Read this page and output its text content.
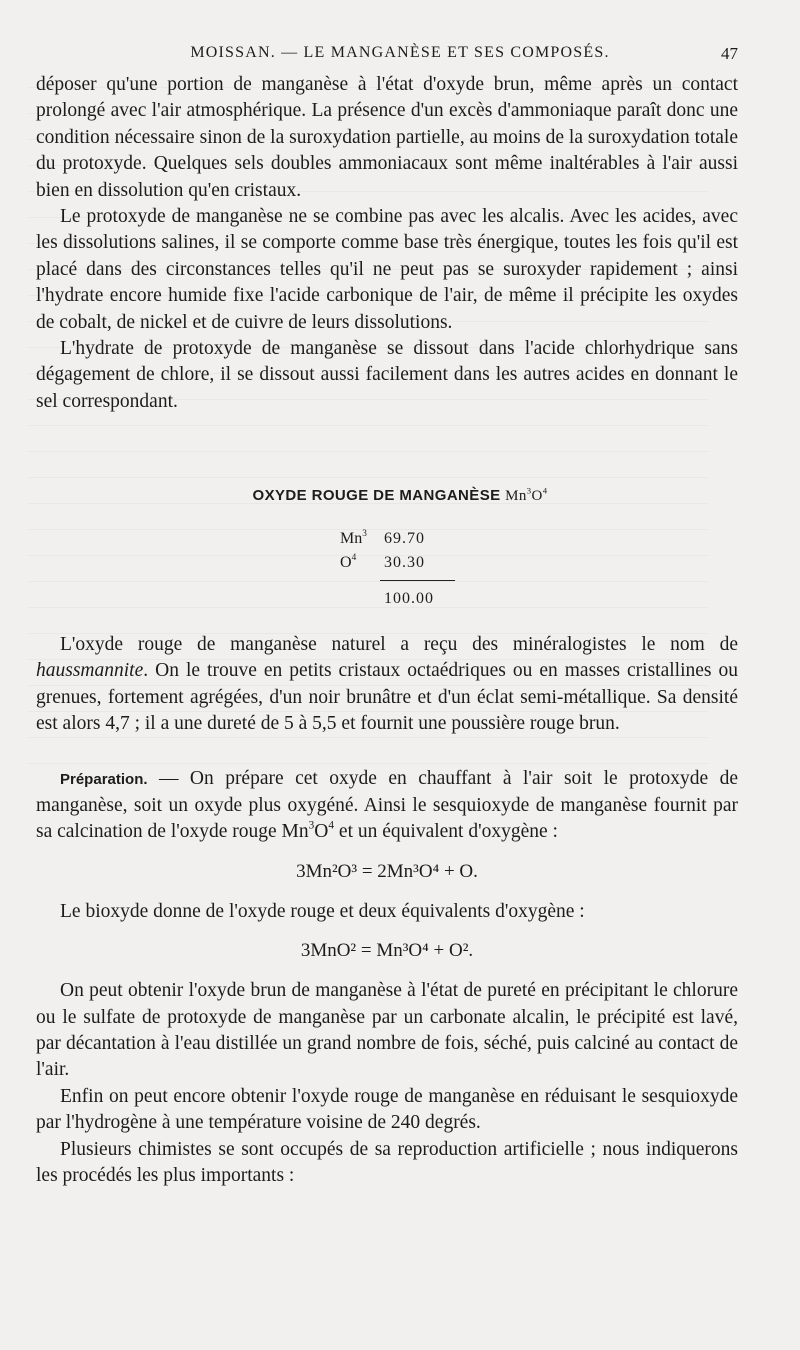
MOISSAN. — LE MANGANÈSE ET SES COMPOSÉS.	47

déposer qu'une portion de manganèse à l'état d'oxyde brun, même après un contact prolongé avec l'air atmosphérique. La présence d'un excès d'ammoniaque paraît donc une condition nécessaire sinon de la suroxydation partielle, au moins de la suroxydation totale du protoxyde. Quelques sels doubles ammoniacaux sont même inaltérables à l'air aussi bien en dissolution qu'en cristaux.

Le protoxyde de manganèse ne se combine pas avec les alcalis. Avec les acides, avec les dissolutions salines, il se comporte comme base très énergique, toutes les fois qu'il est placé dans des circonstances telles qu'il ne peut pas se suroxyder rapidement ; ainsi l'hydrate encore humide fixe l'acide carbonique de l'air, de même il précipite les oxydes de cobalt, de nickel et de cuivre de leurs dissolutions.

L'hydrate de protoxyde de manganèse se dissout dans l'acide chlorhydrique sans dégagement de chlore, il se dissout aussi facilement dans les autres acides en donnant le sel correspondant.

OXYDE ROUGE DE MANGANÈSE $Mn^3O^4$
Mn$^3$ 69.70
$O^4$ 30.30
100.00

L'oxyde rouge de manganèse naturel a reçu des minéralogistes le nom de haussmannite. On le trouve en petits cristaux octaédriques ou en masses cristallines ou grenues, fortement agrégées, d'un noir brunâtre et d'un éclat semi-métallique. Sa densité est alors 4,7 ; il a une dureté de 5 à 5,5 et fournit une poussière rouge brun.

Préparation. — On prépare cet oxyde en chauffant à l'air soit le protoxyde de manganèse, soit un oxyde plus oxygéné. Ainsi le sesquioxyde de manganèse fournit par sa calcination de l'oxyde rouge $Mn^3O^4$ et un équivalent d'oxygène :

3Mn²O³ = 2Mn³O⁴ + O.

Le bioxyde donne de l'oxyde rouge et deux équivalents d'oxygène :

3MnO² = Mn³O⁴ + O².

On peut obtenir l'oxyde brun de manganèse à l'état de pureté en précipitant le chlorure ou le sulfate de protoxyde de manganèse par un carbonate alcalin, le précipité est lavé, par décantation à l'eau distillée un grand nombre de fois, séché, puis calciné au contact de l'air.

Enfin on peut encore obtenir l'oxyde rouge de manganèse en réduisant le sesquioxyde par l'hydrogène à une température voisine de 240 degrés.

Plusieurs chimistes se sont occupés de sa reproduction artificielle ; nous indiquerons les procédés les plus importants :
